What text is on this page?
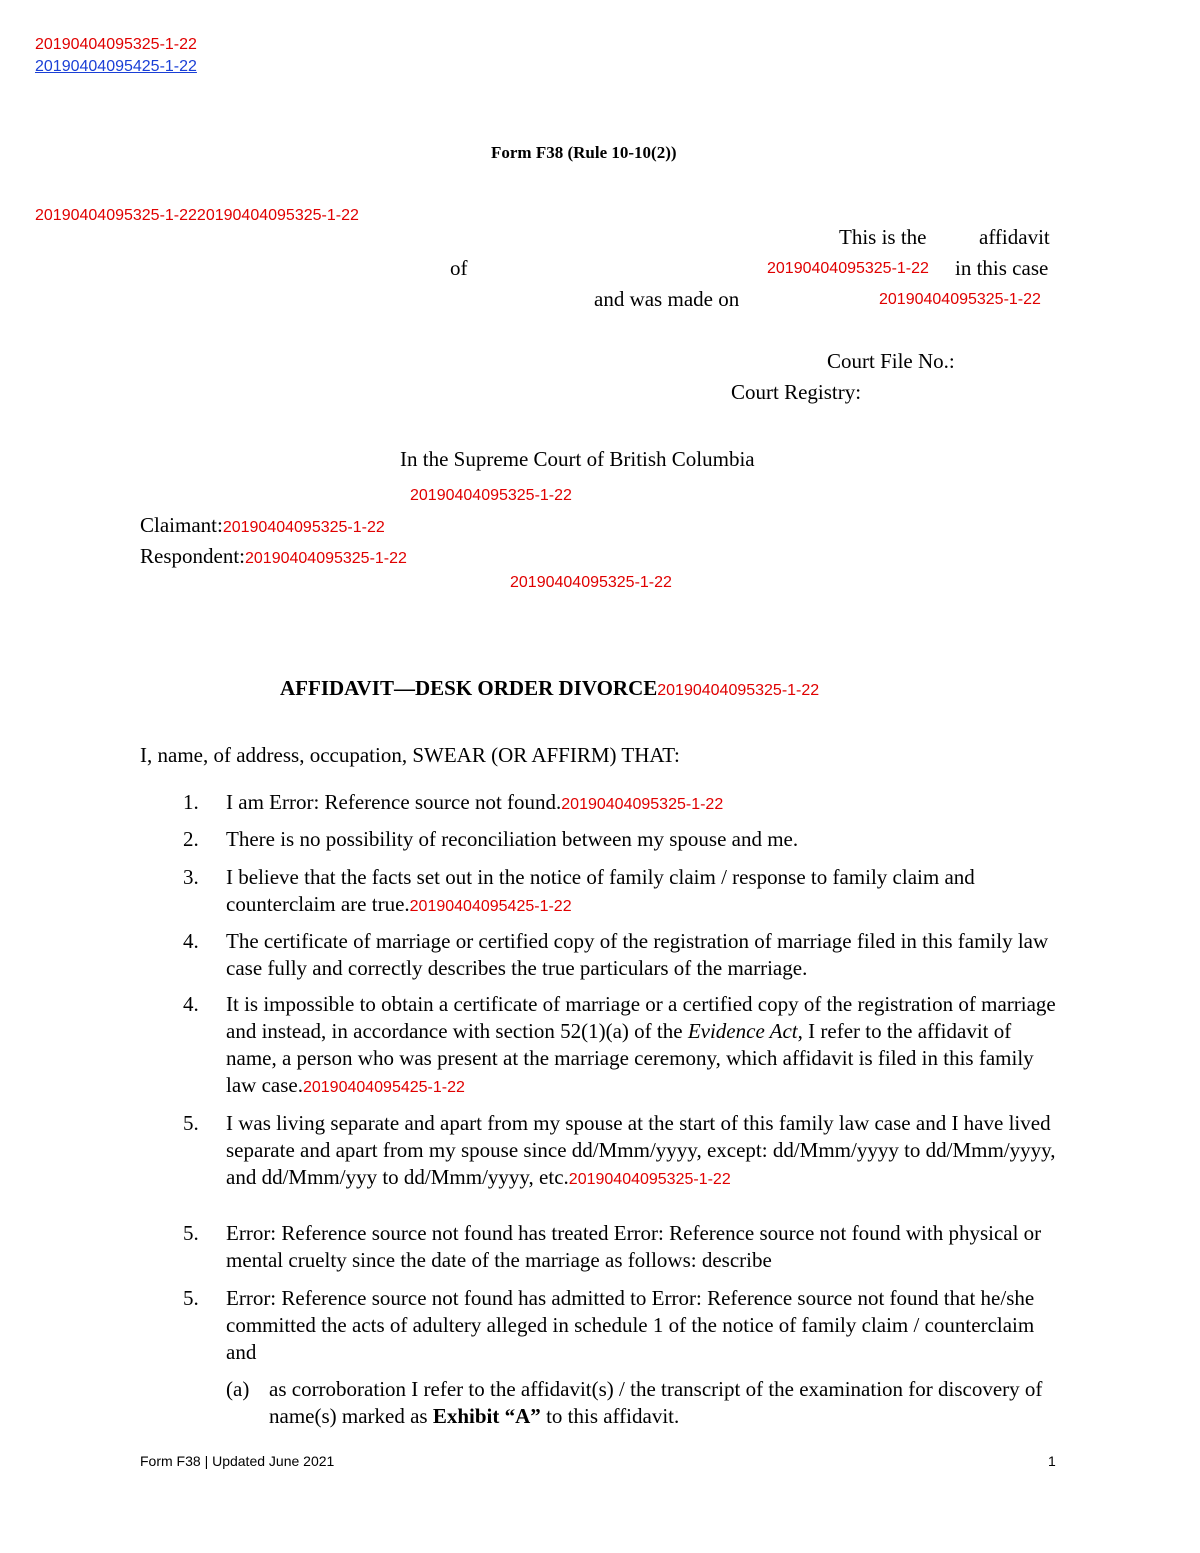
20190404095325-1-22
20190404095425-1-22
Form F38 (Rule 10-10(2))
20190404095325-1-2220190404095325-1-22
This is the	affidavit
of	20190404095325-1-22 in this case
and was made on	20190404095325-1-22
Court File No.:
Court Registry:
In the Supreme Court of British Columbia
20190404095325-1-22
Claimant:20190404095325-1-22
Respondent:20190404095325-1-22
20190404095325-1-22
AFFIDAVIT—DESK ORDER DIVORCE20190404095325-1-22
I, name, of address, occupation, SWEAR (OR AFFIRM) THAT:
1. I am Error: Reference source not found.20190404095325-1-22
2. There is no possibility of reconciliation between my spouse and me.
3. I believe that the facts set out in the notice of family claim / response to family claim and counterclaim are true.20190404095425-1-22
4. The certificate of marriage or certified copy of the registration of marriage filed in this family law case fully and correctly describes the true particulars of the marriage.
4. It is impossible to obtain a certificate of marriage or a certified copy of the registration of marriage and instead, in accordance with section 52(1)(a) of the Evidence Act, I refer to the affidavit of name, a person who was present at the marriage ceremony, which affidavit is filed in this family law case.20190404095425-1-22
5. I was living separate and apart from my spouse at the start of this family law case and I have lived separate and apart from my spouse since dd/Mmm/yyyy, except: dd/Mmm/yyyy to dd/Mmm/yyyy, and dd/Mmm/yyy to dd/Mmm/yyyy, etc.20190404095325-1-22
5. Error: Reference source not found has treated Error: Reference source not found with physical or mental cruelty since the date of the marriage as follows: describe
5. Error: Reference source not found has admitted to Error: Reference source not found that he/she committed the acts of adultery alleged in schedule 1 of the notice of family claim / counterclaim and
(a) as corroboration I refer to the affidavit(s) / the transcript of the examination for discovery of name(s) marked as Exhibit “A” to this affidavit.
Form F38 | Updated June 2021	1
